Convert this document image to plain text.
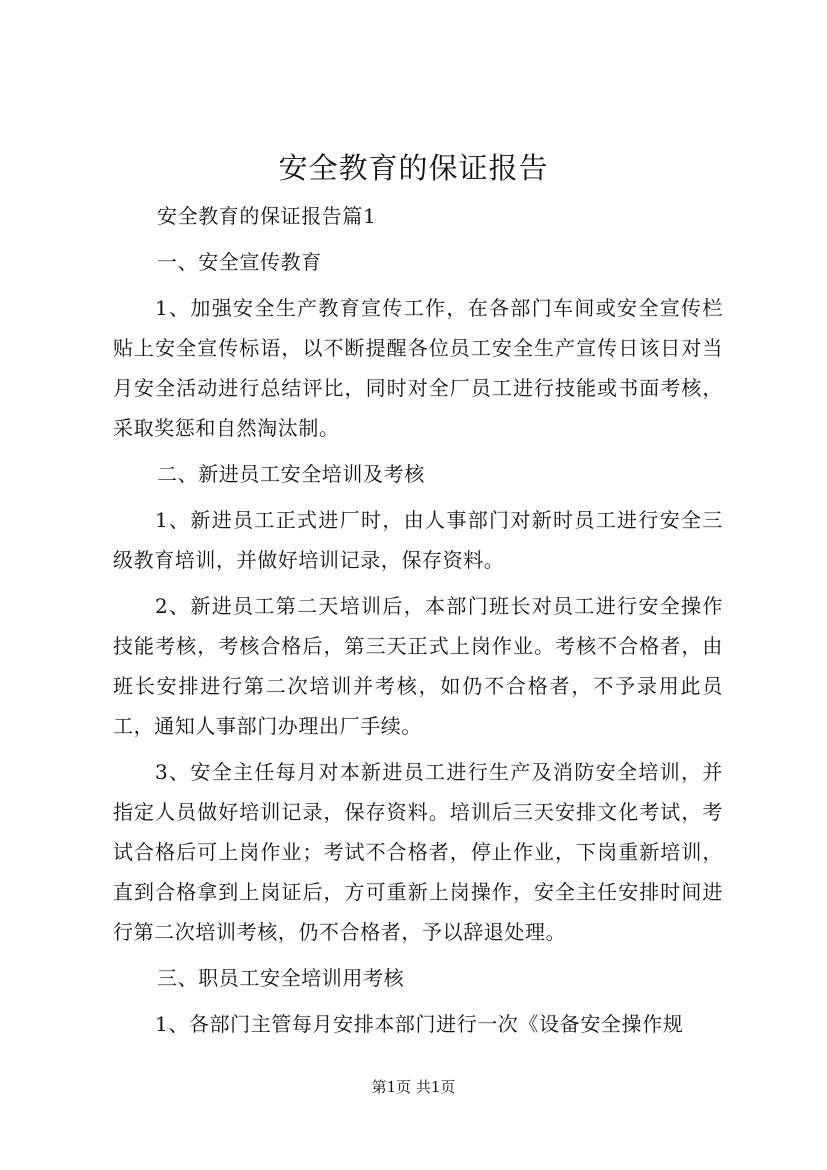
安全教育的保证报告

安全教育的保证报告篇1

一、安全宣传教育

1、加强安全生产教育宣传工作，在各部门车间或安全宣传栏贴上安全宣传标语，以不断提醒各位员工安全生产宣传日该日对当月安全活动进行总结评比，同时对全厂员工进行技能或书面考核，采取奖惩和自然淘汰制。

二、新进员工安全培训及考核

1、新进员工正式进厂时，由人事部门对新时员工进行安全三级教育培训，并做好培训记录，保存资料。

2、新进员工第二天培训后，本部门班长对员工进行安全操作技能考核，考核合格后，第三天正式上岗作业。考核不合格者，由班长安排进行第二次培训并考核，如仍不合格者，不予录用此员工，通知人事部门办理出厂手续。

3、安全主任每月对本新进员工进行生产及消防安全培训，并指定人员做好培训记录，保存资料。培训后三天安排文化考试，考试合格后可上岗作业；考试不合格者，停止作业，下岗重新培训，直到合格拿到上岗证后，方可重新上岗操作，安全主任安排时间进行第二次培训考核，仍不合格者，予以辞退处理。

三、职员工安全培训用考核

1、各部门主管每月安排本部门进行一次《设备安全操作规

第1页 共1页
